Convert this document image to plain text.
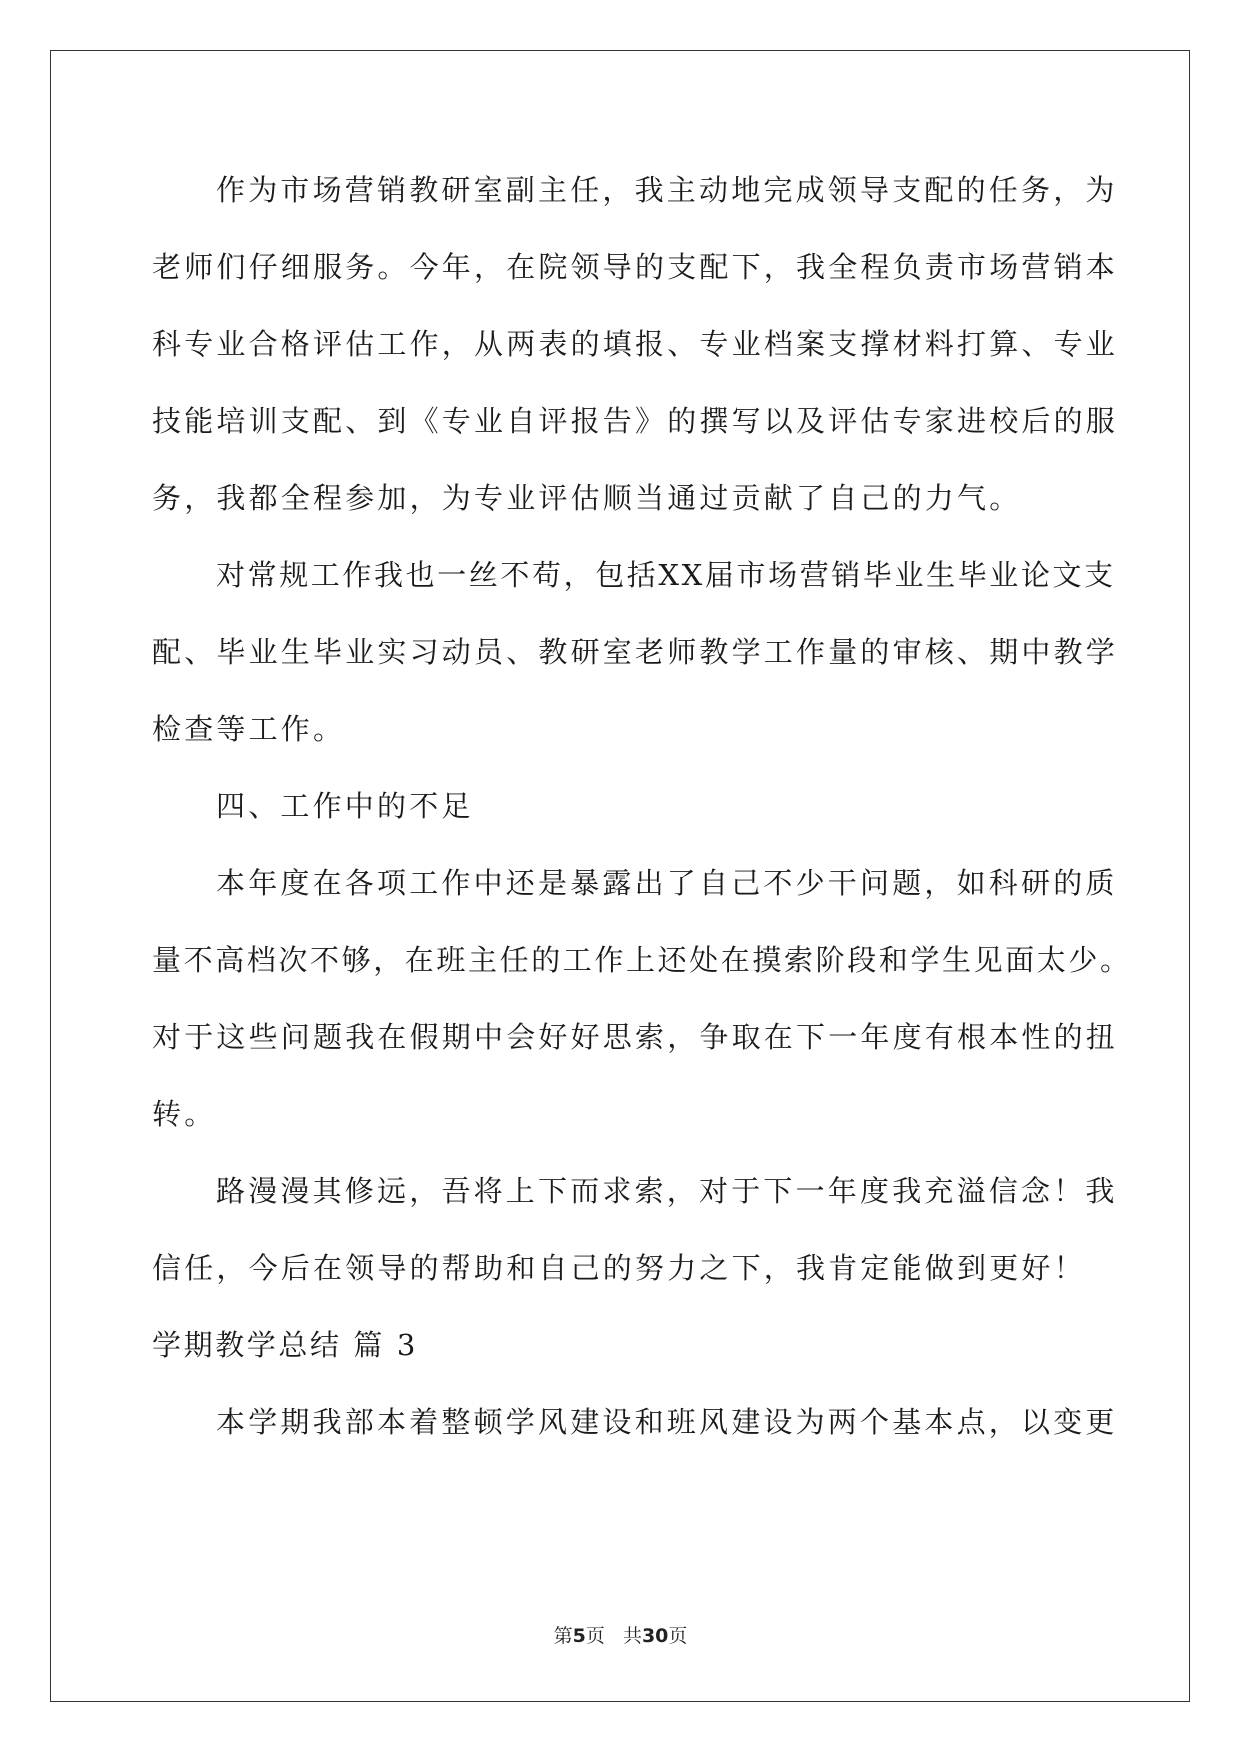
作为市场营销教研室副主任，我主动地完成领导支配的任务，为
老师们仔细服务。今年，在院领导的支配下，我全程负责市场营销本
科专业合格评估工作，从两表的填报、专业档案支撑材料打算、专业
技能培训支配、到《专业自评报告》的撰写以及评估专家进校后的服
务，我都全程参加，为专业评估顺当通过贡献了自己的力气。
对常规工作我也一丝不苟，包括XX届市场营销毕业生毕业论文支
配、毕业生毕业实习动员、教研室老师教学工作量的审核、期中教学
检查等工作。
四、工作中的不足
本年度在各项工作中还是暴露出了自己不少干问题，如科研的质
量不高档次不够，在班主任的工作上还处在摸索阶段和学生见面太少。
对于这些问题我在假期中会好好思索，争取在下一年度有根本性的扭
转。
路漫漫其修远，吾将上下而求索，对于下一年度我充溢信念！我
信任，今后在领导的帮助和自己的努力之下，我肯定能做到更好！
学期教学总结 篇 3
本学期我部本着整顿学风建设和班风建设为两个基本点，以变更
第5页   共30页
